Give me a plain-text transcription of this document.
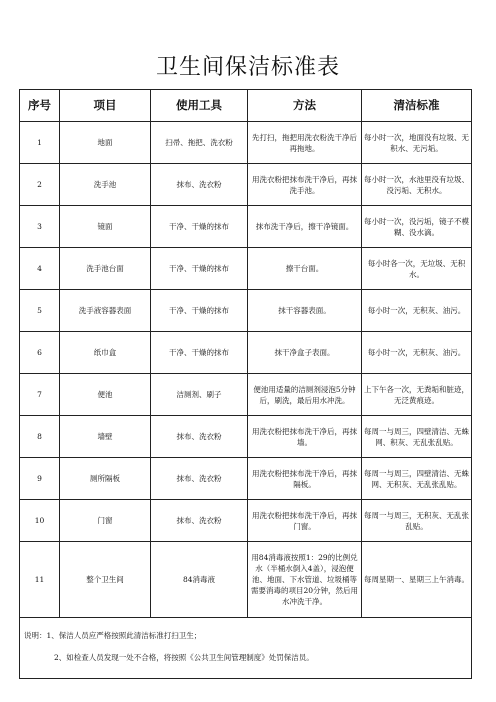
卫生间保洁标准表
序号	项目	使用工具	方法	清洁标准
1	地面	扫帚、拖把、洗衣粉	先打扫，拖把用洗衣粉洗干净后再拖地。	每小时一次，地面没有垃圾、无积水、无污垢。
2	洗手池	抹布、洗衣粉	用洗衣粉把抹布洗干净后，再抹洗手池。	每小时一次，水池里没有垃圾、没污垢、无积水。
3	镜面	干净、干燥的抹布	抹布洗干净后，擦干净镜面。	每小时一次，没污垢，镜子不模糊、没水滴。
4	洗手池台面	干净、干燥的抹布	擦干台面。	每小时各一次，无垃圾、无积水。
5	洗手液容器表面	干净、干燥的抹布	抹干容器表面。	每小时一次，无积灰、油污。
6	纸巾盒	干净、干燥的抹布	抹干净盒子表面。	每小时一次，无积灰、油污。
7	便池	洁厕剂、刷子	便池用适量的洁厕剂浸泡5分钟后，刷洗，最后用水冲洗。	上下午各一次，无粪垢和脏迹，无泛黄痕迹。
8	墙壁	抹布、洗衣粉	用洗衣粉把抹布洗干净后，再抹墙。	每周一与周三，四壁清洁、无蛛网、积灰、无乱张乱贴。
9	厕所隔板	抹布、洗衣粉	用洗衣粉把抹布洗干净后，再抹隔板。	每周一与周三，四壁清洁、无蛛网、无积灰、无乱张乱贴。
10	门窗	抹布、洗衣粉	用洗衣粉把抹布洗干净后，再抹门窗。	每周一与周三，无积灰、无乱张乱贴。
11	整个卫生间	84消毒液	用84消毒液按照1：29的比例兑水（半桶水倒入4盖），浸泡便池、地面、下水管道、垃圾桶等需要消毒的项目20分钟，然后用水冲洗干净。	每周星期一、星期三上午消毒。

说明：1、保洁人员应严格按照此清洁标准打扫卫生；
2、如检查人员发现一处不合格，将按照《公共卫生间管理制度》处罚保洁员。				
